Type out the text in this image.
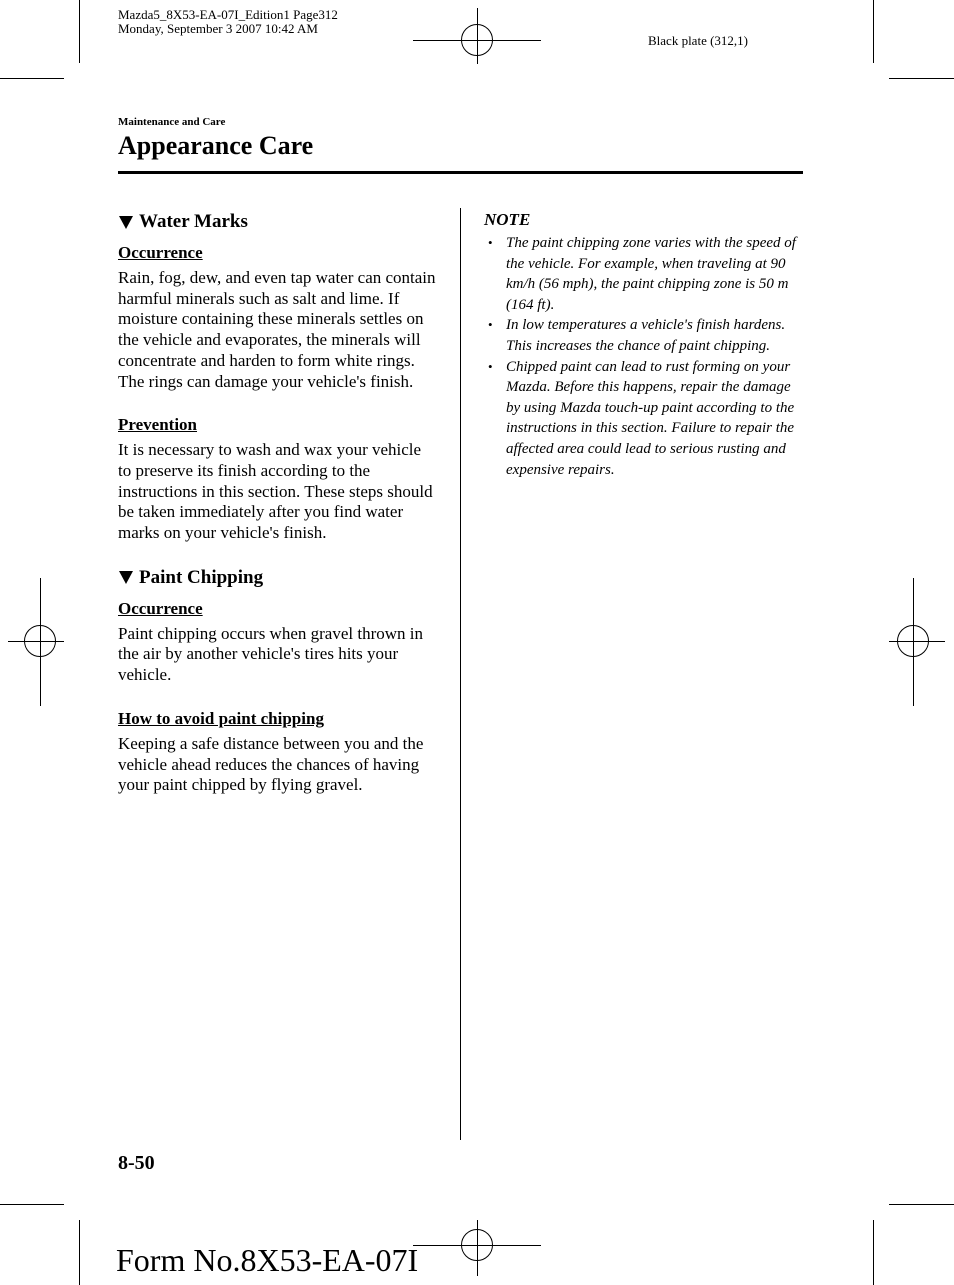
Mazda5_8X53-EA-07I_Edition1 Page312
Monday, September 3 2007 10:42 AM
Black plate (312,1)
Maintenance and Care
Appearance Care
Water Marks
Occurrence

Rain, fog, dew, and even tap water can contain harmful minerals such as salt and lime. If moisture containing these minerals settles on the vehicle and evaporates, the minerals will concentrate and harden to form white rings. The rings can damage your vehicle's finish.

Prevention

It is necessary to wash and wax your vehicle to preserve its finish according to the instructions in this section. These steps should be taken immediately after you find water marks on your vehicle's finish.

Paint Chipping
Occurrence

Paint chipping occurs when gravel thrown in the air by another vehicle's tires hits your vehicle.

How to avoid paint chipping

Keeping a safe distance between you and the vehicle ahead reduces the chances of having your paint chipped by flying gravel.

NOTE
• The paint chipping zone varies with the speed of the vehicle. For example, when traveling at 90 km/h (56 mph), the paint chipping zone is 50 m (164 ft).
• In low temperatures a vehicle's finish hardens. This increases the chance of paint chipping.
• Chipped paint can lead to rust forming on your Mazda. Before this happens, repair the damage by using Mazda touch-up paint according to the instructions in this section. Failure to repair the affected area could lead to serious rusting and expensive repairs.
8-50
Form No.8X53-EA-07I
